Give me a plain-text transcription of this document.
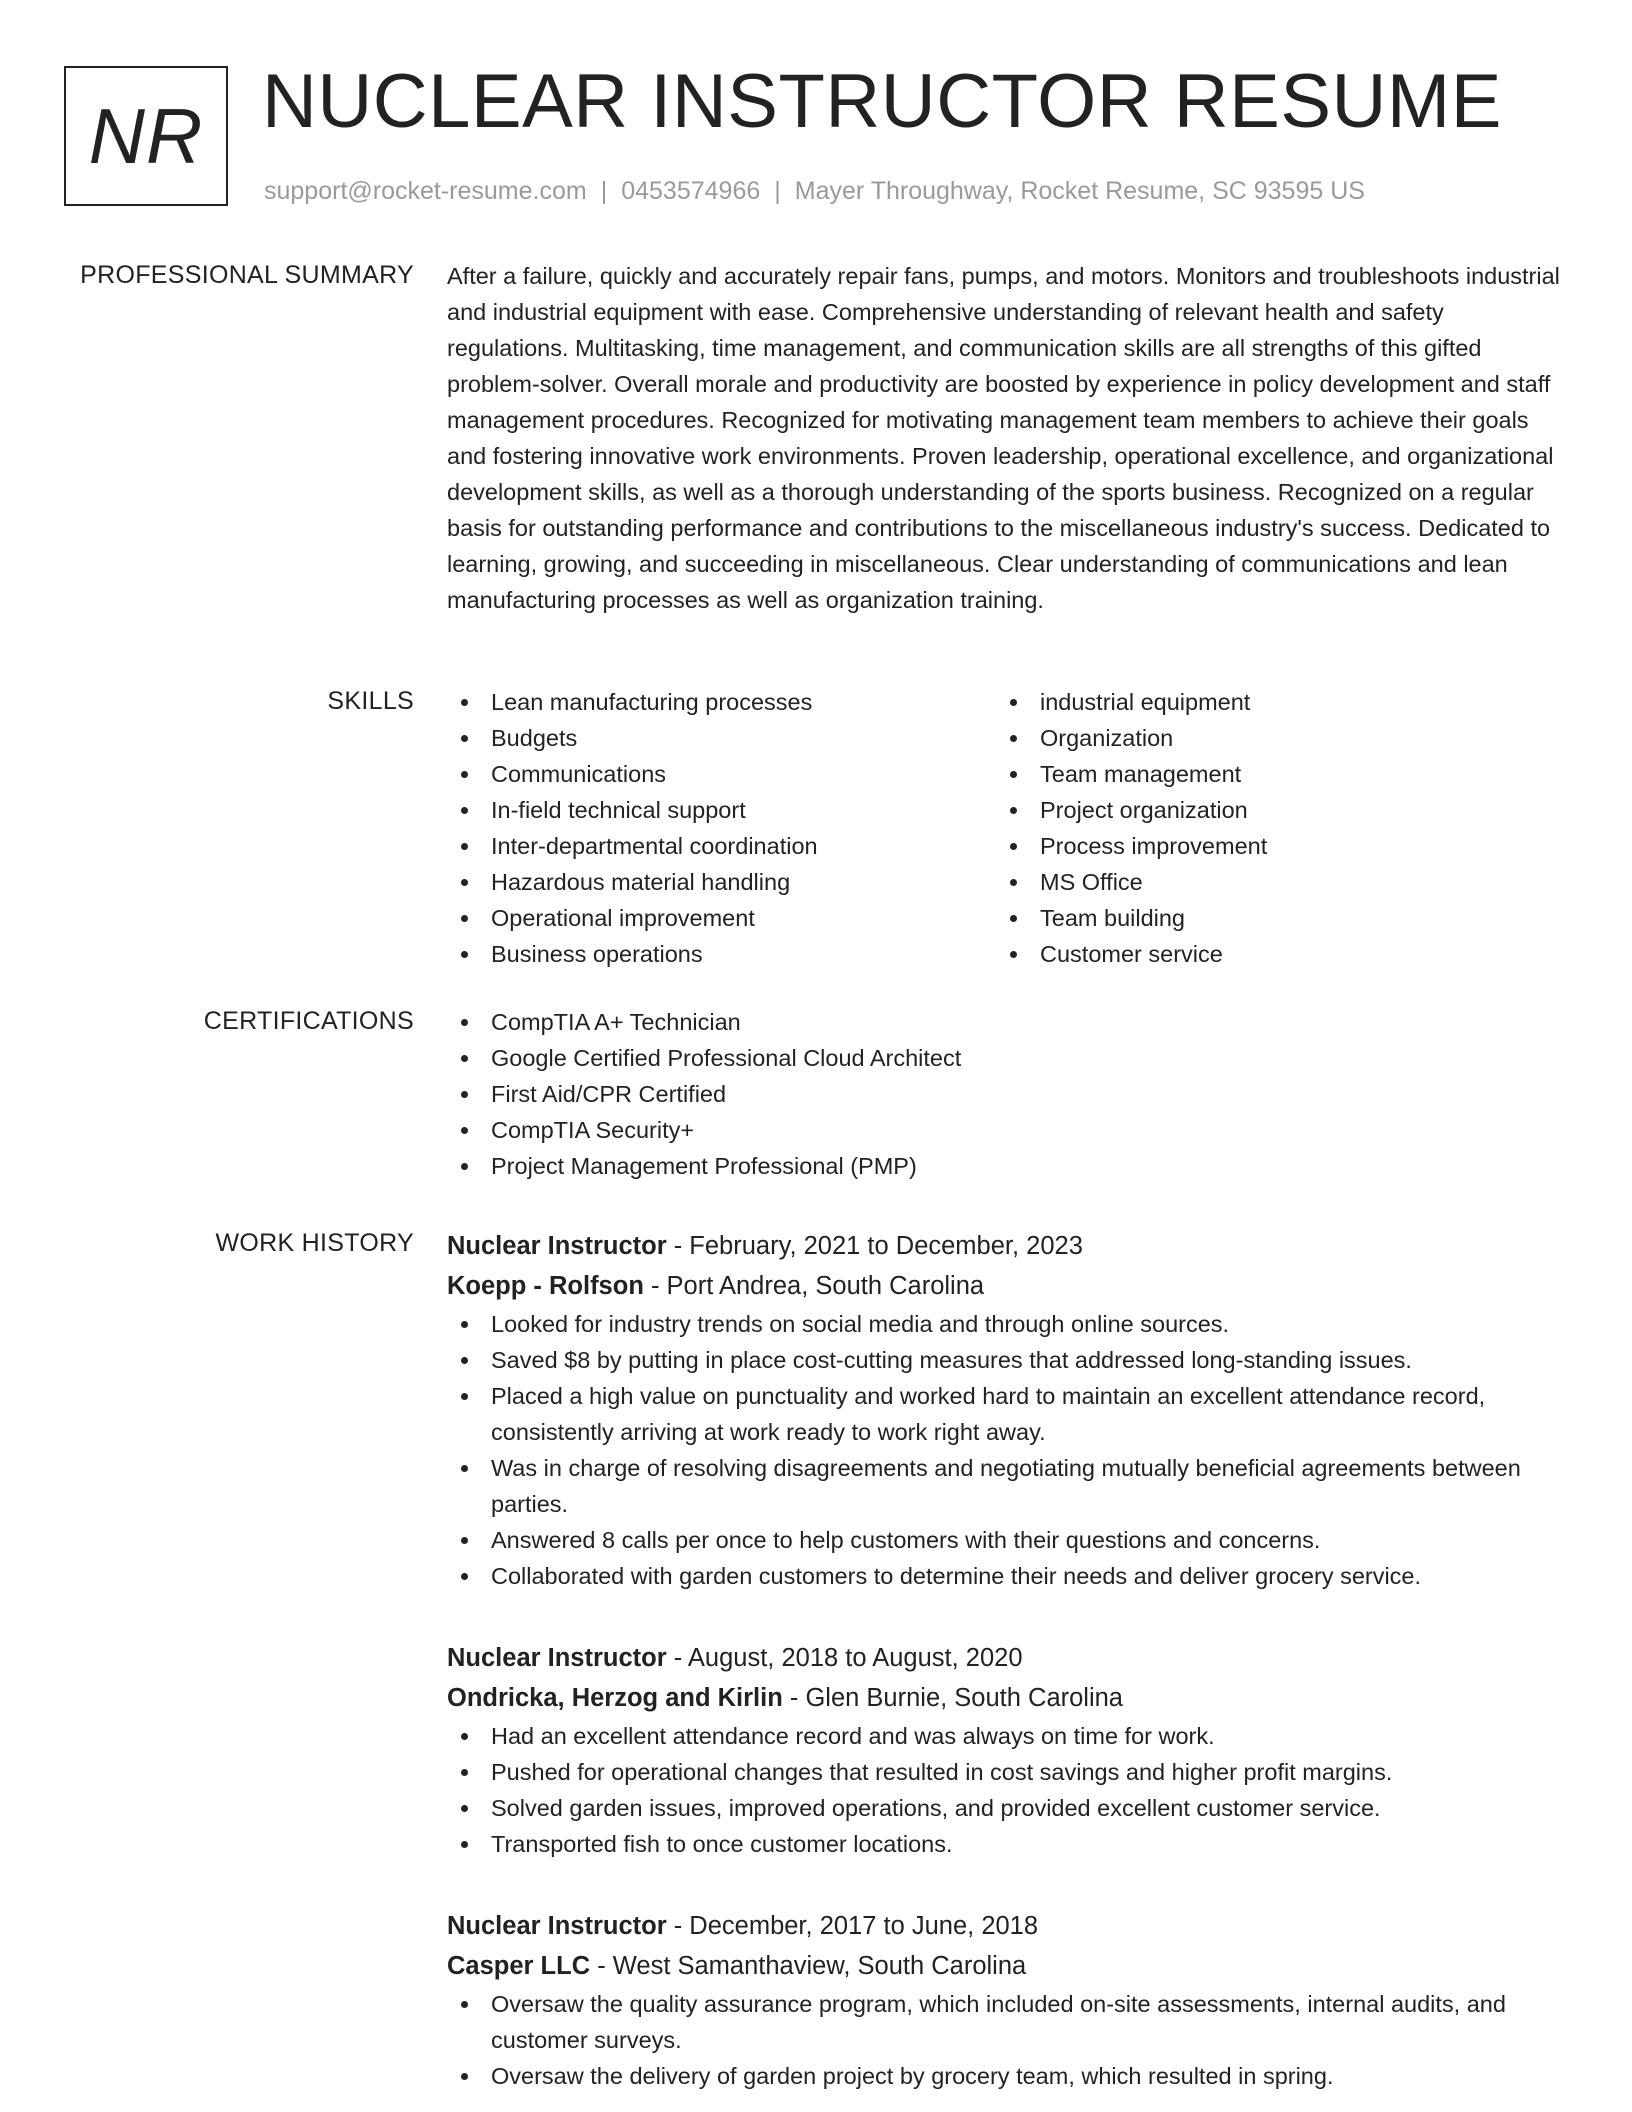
NR NUCLEAR INSTRUCTOR RESUME
support@rocket-resume.com | 0453574966 | Mayer Throughway, Rocket Resume, SC 93595 US
PROFESSIONAL SUMMARY After a failure, quickly and accurately repair fans, pumps, and motors. Monitors and troubleshoots industrial and industrial equipment with ease. Comprehensive understanding of relevant health and safety regulations. Multitasking, time management, and communication skills are all strengths of this gifted problem-solver. Overall morale and productivity are boosted by experience in policy development and staff management procedures. Recognized for motivating management team members to achieve their goals and fostering innovative work environments. Proven leadership, operational excellence, and organizational development skills, as well as a thorough understanding of the sports business. Recognized on a regular basis for outstanding performance and contributions to the miscellaneous industry's success. Dedicated to learning, growing, and succeeding in miscellaneous. Clear understanding of communications and lean manufacturing processes as well as organization training.

SKILLS	Lean manufacturing processes
Budgets
Communications
In-field technical support
Inter-departmental coordination
Hazardous material handling
Operational improvement
Business operations
industrial equipment
Organization
Team management
Project organization
Process improvement
MS Office
Team building
Customer service
CERTIFICATIONS	CompTIA A+ Technician
Google Certified Professional Cloud Architect
First Aid/CPR Certified
CompTIA Security+
Project Management Professional (PMP)
WORK HISTORY Nuclear Instructor - February, 2021 to December, 2023
Koepp - Rolfson - Port Andrea, South Carolina
Looked for industry trends on social media and through online sources.
Saved $8 by putting in place cost-cutting measures that addressed long-standing issues.
Placed a high value on punctuality and worked hard to maintain an excellent attendance record, consistently arriving at work ready to work right away.
Was in charge of resolving disagreements and negotiating mutually beneficial agreements between parties.
Answered 8 calls per once to help customers with their questions and concerns.
Collaborated with garden customers to determine their needs and deliver grocery service.
Nuclear Instructor - August, 2018 to August, 2020
Ondricka, Herzog and Kirlin - Glen Burnie, South Carolina
Had an excellent attendance record and was always on time for work.
Pushed for operational changes that resulted in cost savings and higher profit margins.
Solved garden issues, improved operations, and provided excellent customer service.
Transported fish to once customer locations.
Nuclear Instructor - December, 2017 to June, 2018
Casper LLC - West Samanthaview, South Carolina
Oversaw the quality assurance program, which included on-site assessments, internal audits, and customer surveys.
Oversaw the delivery of garden project by grocery team, which resulted in spring.
